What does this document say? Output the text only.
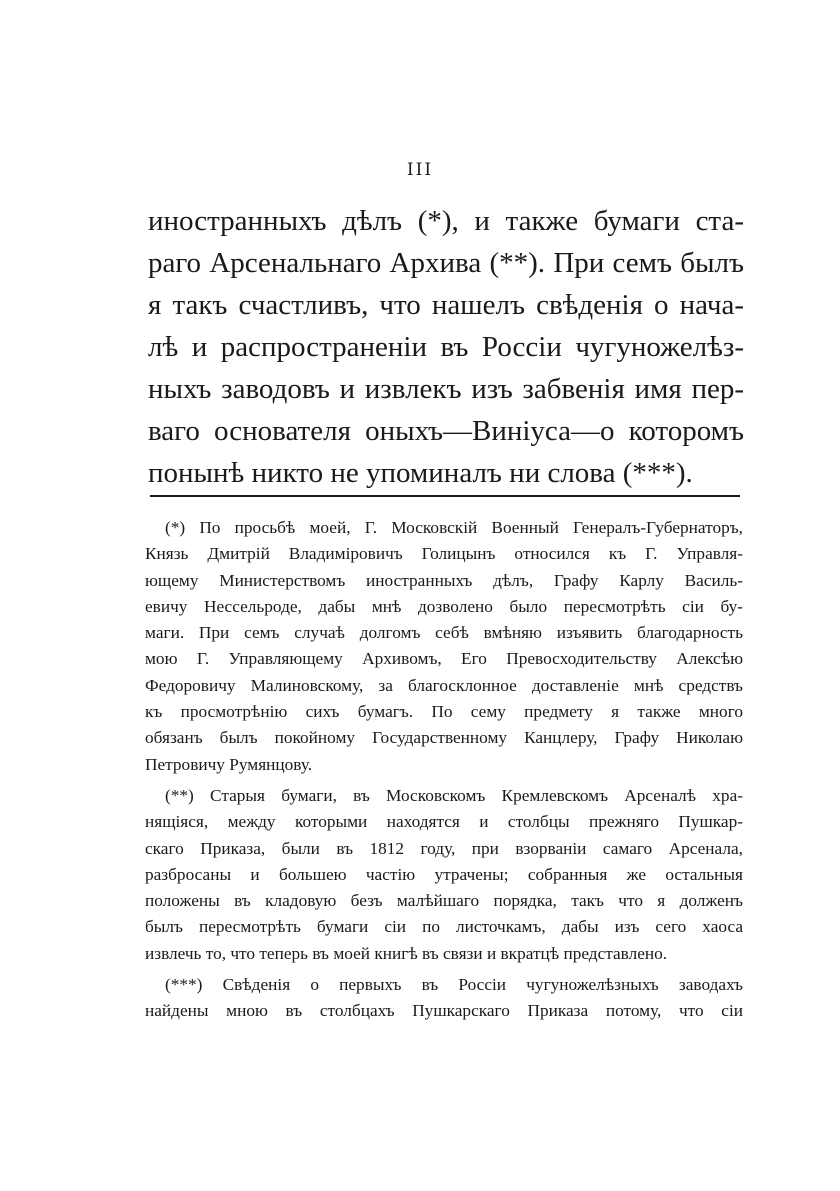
III
иностранныхъ дѣлъ (*), и также бумаги ста-
раго Арсенальнаго Архива (**). При семъ былъ
я такъ счастливъ, что нашелъ свѣденія о нача-
лѣ и распространеніи въ Россіи чугуножелѣз-
ныхъ заводовъ и извлекъ изъ забвенія имя пер-
ваго основателя оныхъ—Виніуса—о которомъ
понынѣ никто не упоминалъ ни слова (***).
(*) По просьбѣ моей, Г. Московскій Военный Генералъ-Губернаторъ,
Князь Дмитрій Владиміровичъ Голицынъ относился къ Г. Управля-
ющему Министерствомъ иностранныхъ дѣлъ, Графу Карлу Василь-
евичу Нессельроде, дабы мнѣ дозволено было пересмотрѣть сіи бу-
маги. При семъ случаѣ долгомъ себѣ вмѣняю изъявить благодарность
мою Г. Управляющему Архивомъ, Его Превосходительству Алексѣю
Федоровичу Малиновскому, за благосклонное доставленіе мнѣ средствъ
къ просмотрѣнію сихъ бумагъ. По сему предмету я также много
обязанъ былъ покойному Государственному Канцлеру, Графу Николаю
Петровичу Румянцову.
(**) Старыя бумаги, въ Московскомъ Кремлевскомъ Арсеналѣ хра-
нящіяся, между которыми находятся и столбцы прежняго Пушкар-
скаго Приказа, были въ 1812 году, при взорваніи самаго Арсенала,
разбросаны и большею частію утрачены; собранныя же остальныя
положены въ кладовую безъ малѣйшаго порядка, такъ что я долженъ
былъ пересмотрѣть бумаги сіи по листочкамъ, дабы изъ сего хаоса
извлечь то, что теперь въ моей книгѣ въ связи и вкратцѣ представлено.
(***) Свѣденія о первыхъ въ Россіи чугуножелѣзныхъ заводахъ
найдены мною въ столбцахъ Пушкарскаго Приказа потому, что сіи
